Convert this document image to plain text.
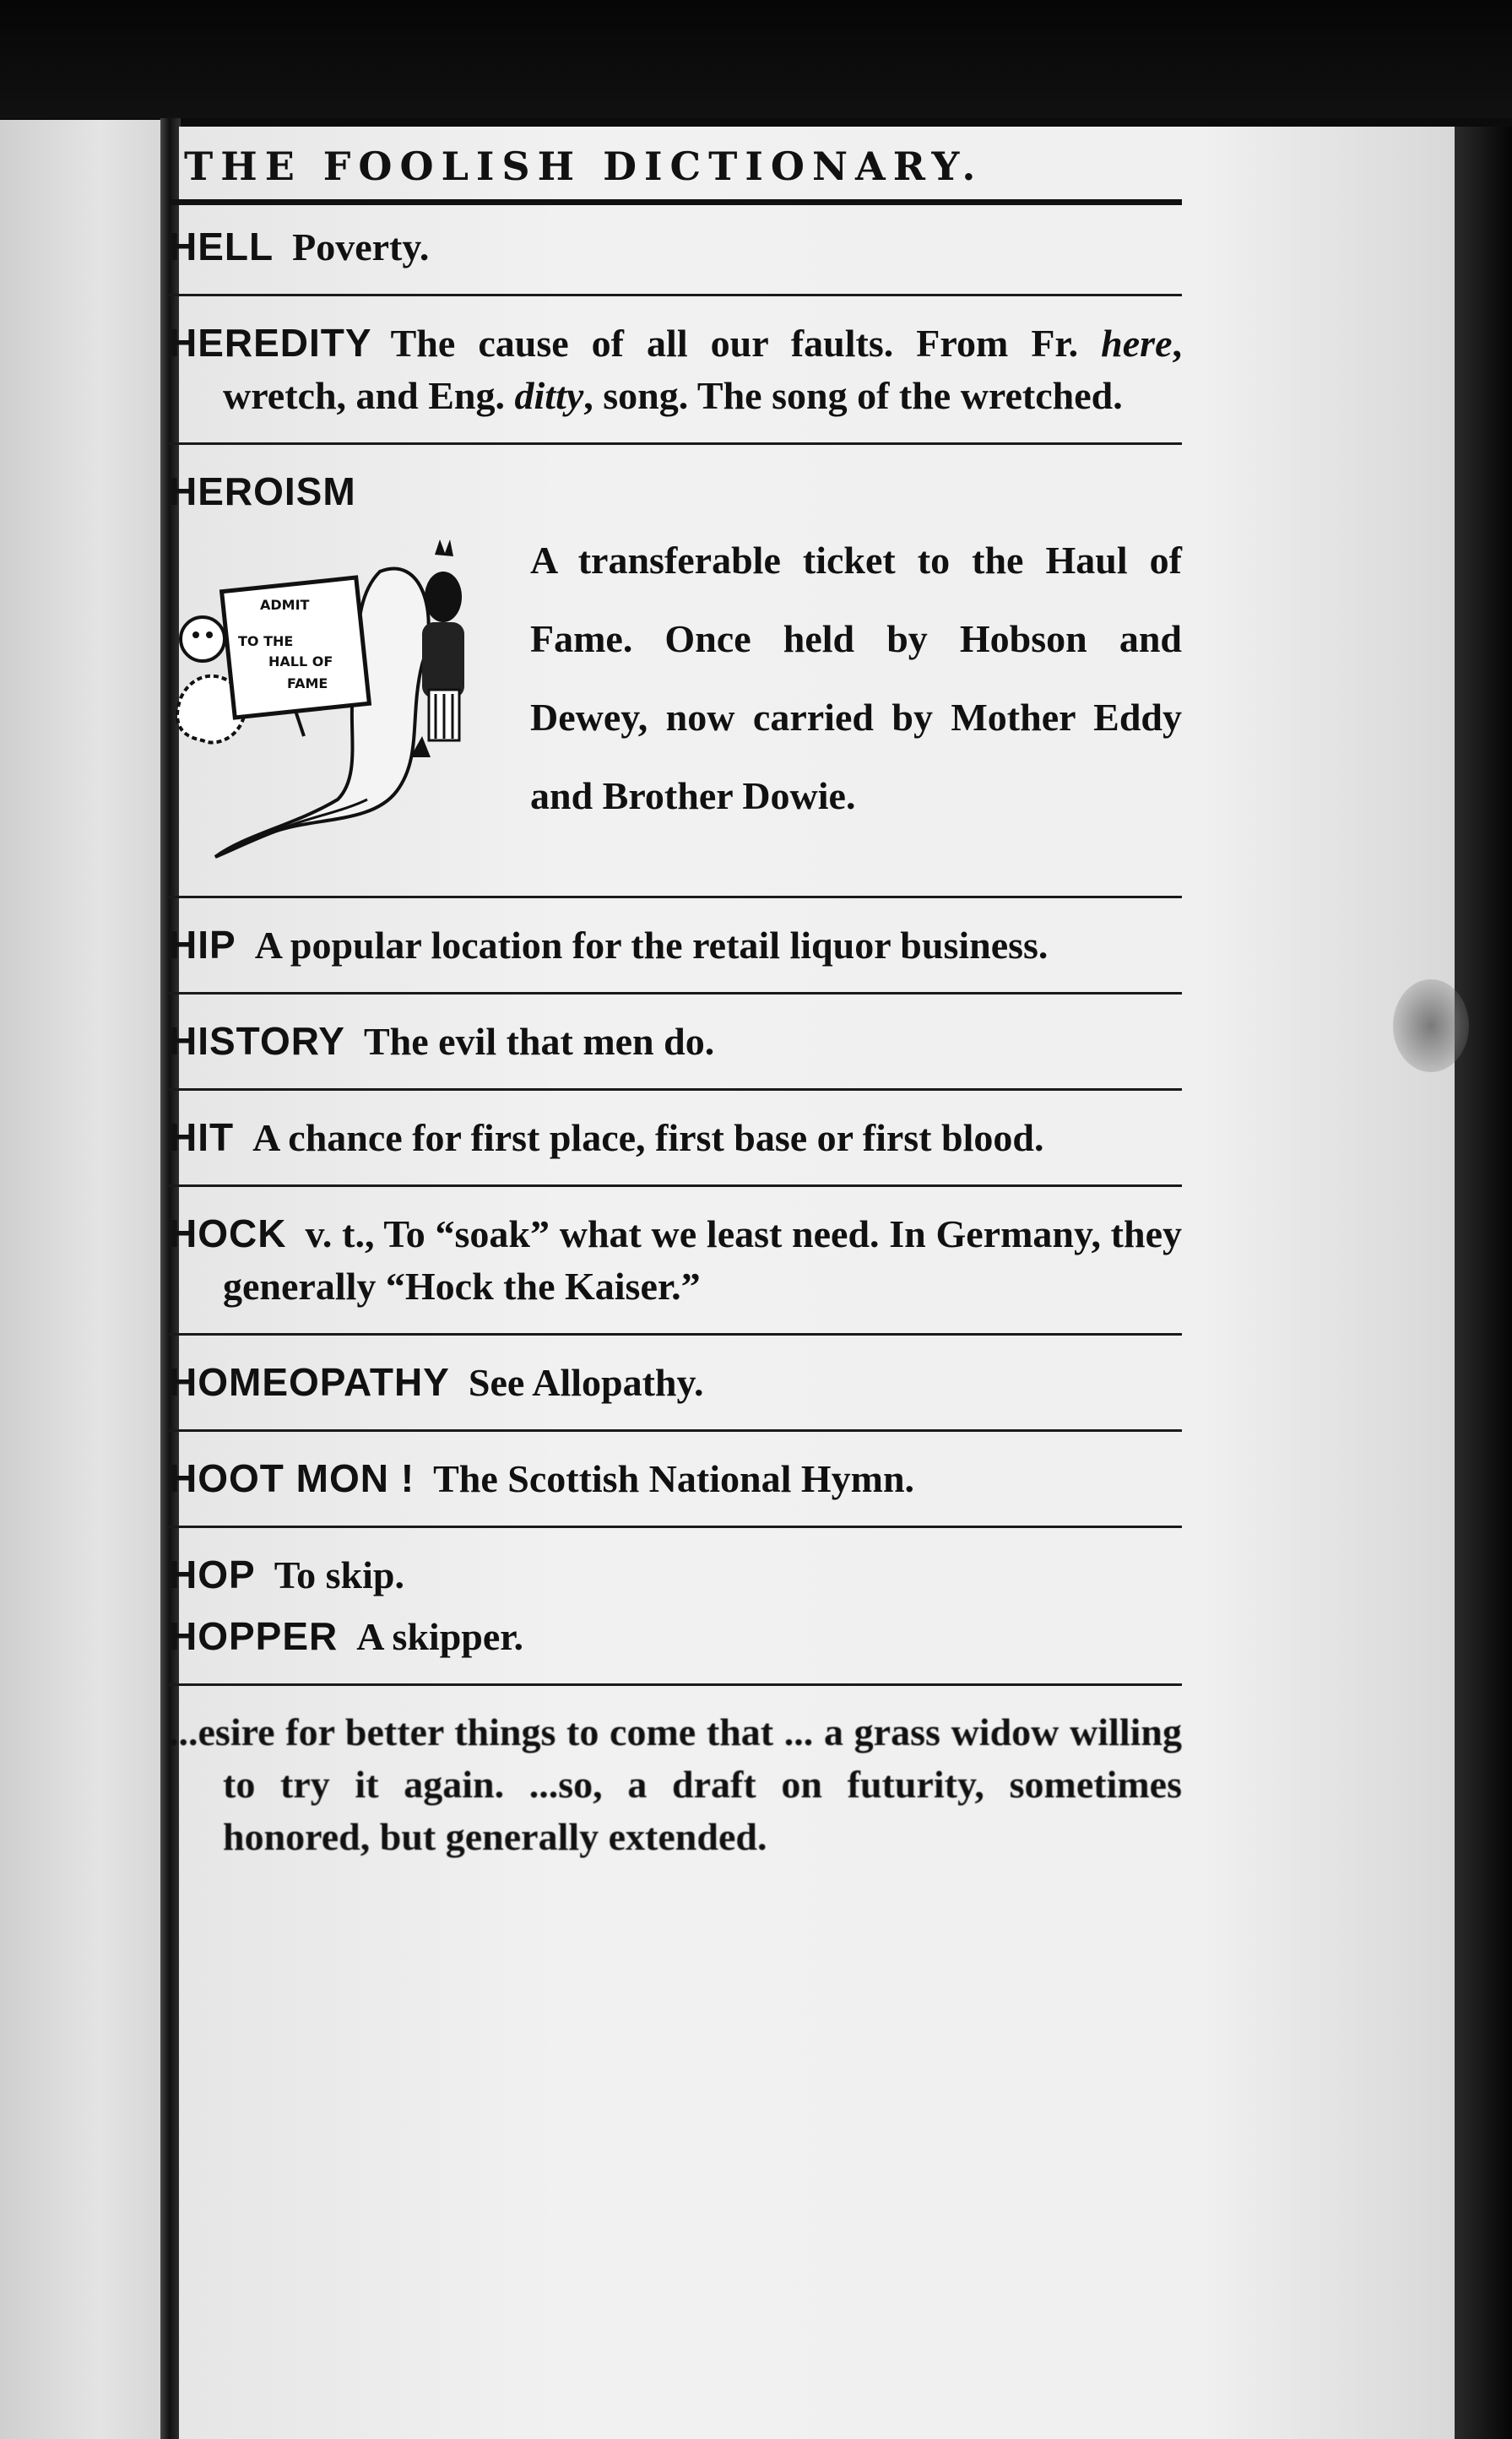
THE FOOLISH DICTIONARY.
HELL Poverty.
HEREDITY The cause of all our faults. From Fr. here, wretch, and Eng. ditty, song. The song of the wretched.
HEROISM
ADMIT
TO THE
HALL OF
FAME
A transferable ticket to the Haul of Fame. Once held by Hobson and Dewey, now carried by Mother Eddy and Brother Dowie.
HIP A popular location for the retail liquor business.
HISTORY The evil that men do.
HIT A chance for first place, first base or first blood.
HOCK v. t., To “soak” what we least need. In Germany, they generally “Hock the Kaiser.”
HOMEOPATHY See Allopathy.
HOOT MON ! The Scottish National Hymn.
HOP To skip.
HOPPER A skipper.
...esire for better things to come that ... a grass widow willing to try it again. ...so, a draft on futurity, sometimes honored, but generally extended.
